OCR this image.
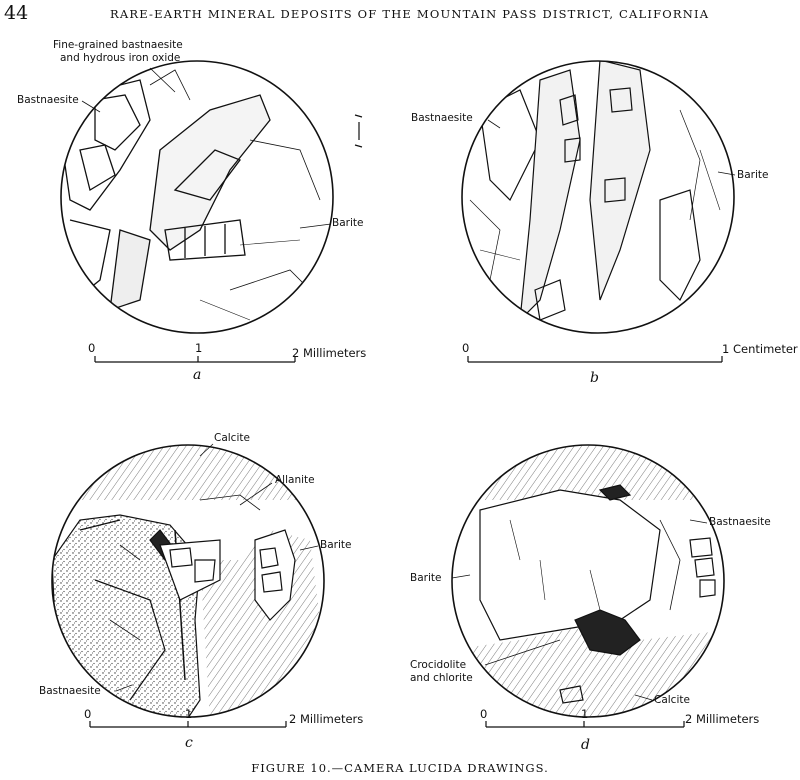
44	RARE-EARTH MINERAL DEPOSITS OF THE MOUNTAIN PASS DISTRICT, CALIFORNIA
Fine-grained bastnaesite
and hydrous iron oxide
Bastnaesite
Barite
0	1	2 Millimeters
a
Bastnaesite
Barite
0	1 Centimeter
b
Calcite
Allanite
Barite
Bastnaesite
0	1	2 Millimeters
c
Bastnaesite
Barite
Crocidolite
and chlorite
Calcite
0	1	2 Millimeters
d
FIGURE 10.—CAMERA LUCIDA DRAWINGS.
